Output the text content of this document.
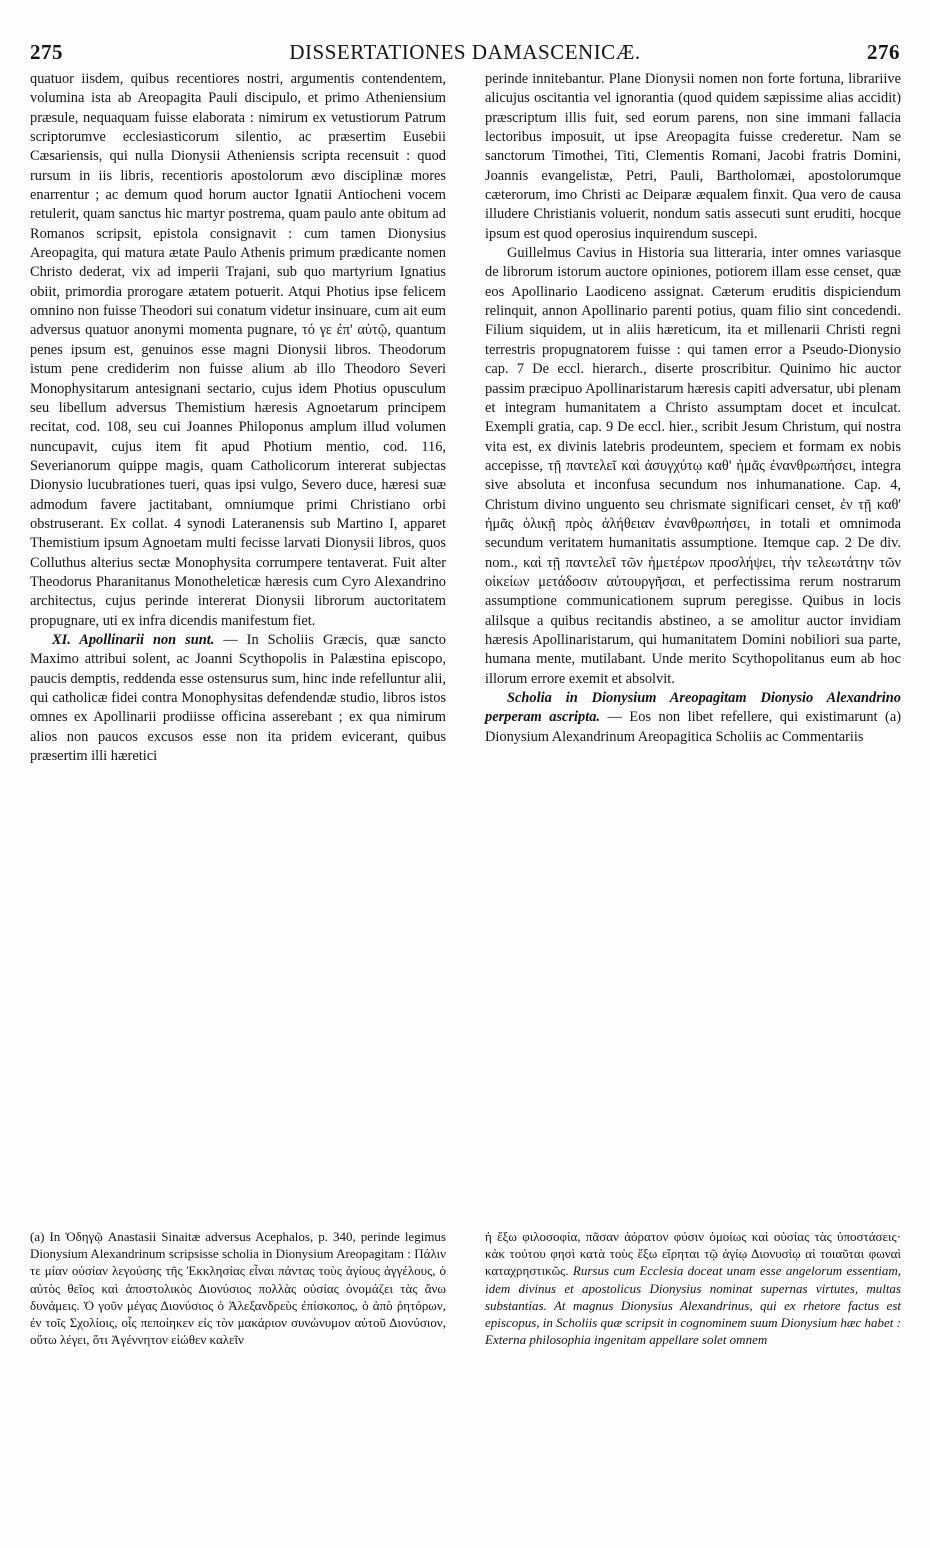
275	DISSERTATIONES DAMASCENICÆ.	276

quatuor iisdem, quibus recentiores nostri, argumentis contendentem, volumina ista ab Areopagita Pauli discipulo, et primo Atheniensium præsule, nequaquam fuisse elaborata : nimirum ex vetustiorum Patrum scriptorumve ecclesiasticorum silentio, ac præsertim Eusebii Cæsariensis, qui nulla Dionysii Atheniensis scripta recensuit : quod rursum in iis libris, recentioris apostolorum ævo disciplinæ mores enarrentur ; ac demum quod horum auctor Ignatii Antiocheni vocem retulerit, quam sanctus hic martyr postrema, quam paulo ante obitum ad Romanos scripsit, epistola consignavit : cum tamen Dionysius Areopagita, qui matura ætate Paulo Athenis primum prædicante nomen Christo dederat, vix ad imperii Trajani, sub quo martyrium Ignatius obiit, primordia prorogare ætatem potuerit. Atqui Photius ipse felicem omnino non fuisse Theodori sui conatum videtur insinuare, cum ait eum adversus quatuor anonymi momenta pugnare, τό γε ἐπ' αὐτῷ, quantum penes ipsum est, genuinos esse magni Dionysii libros. Theodorum istum pene crediderim non fuisse alium ab illo Theodoro Severi Monophysitarum antesignani sectario, cujus idem Photius opusculum seu libellum adversus Themistium hæresis Agnoetarum principem recitat, cod. 108, seu cui Joannes Philoponus amplum illud volumen nuncupavit, cujus item fit apud Photium mentio, cod. 116, Severianorum quippe magis, quam Catholicorum intererat subjectas Dionysio lucubrationes tueri, quas ipsi vulgo, Severo duce, hæresi suæ admodum favere jactitabant, omniumque primi Christiano orbi obstruserant. Ex collat. 4 synodi Lateranensis sub Martino I, apparet Themistium ipsum Agnoetam multi fecisse larvati Dionysii libros, quos Colluthus alterius sectæ Monophysita corrumpere tentaverat. Fuit alter Theodorus Pharanitanus Monotheleticæ hæresis cum Cyro Alexandrino architectus, cujus perinde intererat Dionysii librorum auctoritatem propugnare, uti ex infra dicendis manifestum fiet.

XI. Apollinarii non sunt. — In Scholiis Græcis, quæ sancto Maximo attribui solent, ac Joanni Scythopolis in Palæstina episcopo, paucis demptis, reddenda esse ostensurus sum, hinc inde refelluntur alii, qui catholicæ fidei contra Monophysitas defendendæ studio, libros istos omnes ex Apollinarii prodiisse officina asserebant ; ex qua nimirum alios non paucos excusos esse non ita pridem evicerant, quibus præsertim illi hæretici

perinde innitebantur. Plane Dionysii nomen non forte fortuna, librariive alicujus oscitantia vel ignorantia (quod quidem sæpissime alias accidit) præscriptum illis fuit, sed eorum parens, non sine immani fallacia lectoribus imposuit, ut ipse Areopagita fuisse crederetur. Nam se sanctorum Timothei, Titi, Clementis Romani, Jacobi fratris Domini, Joannis evangelistæ, Petri, Pauli, Bartholomæi, apostolorumque cæterorum, imo Christi ac Deiparæ æqualem finxit. Qua vero de causa illudere Christianis voluerit, nondum satis assecuti sunt eruditi, hocque ipsum est quod operosius inquirendum suscepi.

Guillelmus Cavius in Historia sua litteraria, inter omnes variasque de librorum istorum auctore opiniones, potiorem illam esse censet, quæ eos Apollinario Laodiceno assignat. Cæterum eruditis dispiciendum relinquit, annon Apollinario parenti potius, quam filio sint concedendi. Filium siquidem, ut in aliis hæreticum, ita et millenarii Christi regni terrestris propugnatorem fuisse : qui tamen error a Pseudo-Dionysio cap. 7 De eccl. hierarch., diserte proscribitur. Quinimo hic auctor passim præcipuo Apollinaristarum hæresis capiti adversatur, ubi plenam et integram humanitatem a Christo assumptam docet et inculcat. Exempli gratia, cap. 9 De eccl. hier., scribit Jesum Christum, qui nostra vita est, ex divinis latebris prodeuntem, speciem et formam ex nobis accepisse, τῇ παντελεῖ καὶ ἀσυγχύτῳ καθ' ἡμᾶς ἐνανθρωπήσει, integra sive absoluta et inconfusa secundum nos inhumanatione. Cap. 4, Christum divino unguento seu chrismate significari censet, ἐν τῇ καθ' ἡμᾶς ὁλικῇ πρὸς ἀλήθειαν ἐνανθρωπήσει, in totali et omnimoda secundum veritatem humanitatis assumptione. Itemque cap. 2 De div. nom., καὶ τῇ παντελεῖ τῶν ἡμετέρων προσλήψει, τὴν τελεωτάτην τῶν οἰκείων μετάδοσιν αὐτουργῆσαι, et perfectissima rerum nostrarum assumptione communicationem suprum peregisse. Quibus in locis alilsque a quibus recitandis abstineo, a se amolitur auctor invidiam hæresis Apollinaristarum, qui humanitatem Domini nobiliori sua parte, humana mente, mutilabant. Unde merito Scythopolitanus eum ab hoc illorum errore exemit et absolvit.

Scholia in Dionysium Areopagitam Dionysio Alexandrino perperam ascripta. — Eos non libet refellere, qui existimarunt (a) Dionysium Alexandrinum Areopagitica Scholiis ac Commentariis

(a) In Ὁδηγῷ Anastasii Sinaitæ adversus Acephalos, p. 340, perinde legimus Dionysium Alexandrinum scripsisse scholia in Dionysium Areopagitam : Πάλιν τε μίαν οὐσίαν λεγούσης τῆς Ἐκκλησίας εἶναι πάντας τοὺς ἁγίους ἀγγέλους, ὁ αὐτὸς θεῖος καὶ ἀποστολικὸς Διονύσιος πολλὰς οὐσίας ὀνομάζει τὰς ἄνω δυνάμεις. Ὁ γοῦν μέγας Διονύσιος ὁ Ἀλεξανδρεὺς ἐπίσκοπος, ὁ ἀπὸ ῥητόρων, ἐν τοῖς Σχολίοις, οἷς πεποίηκεν εἰς τὸν μακάριον συνώνυμον αὐτοῦ Διονύσιον, οὕτω λέγει, ὅτι Ἀγέννητον εἰώθεν καλεῖν
ἡ ἔξω φιλοσοφία, πᾶσαν ἀόρατον φύσιν ὁμοίως καὶ οὐσίας τὰς ὑποστάσεις· κἀκ τούτου φησὶ κατὰ τοὺς ἔξω εἴρηται τῷ ἁγίῳ Διονυσίῳ αἱ τοιαῦται φωναὶ καταχρηστικῶς. Rursus cum Ecclesia doceat unam esse angelorum essentiam, idem divinus et apostolicus Dionysius nominat supernas virtutes, multas substantias. At magnus Dionysius Alexandrinus, qui ex rhetore factus est episcopus, in Scholiis quæ scripsit in cognominem suum Dionysium hæc habet : Externa philosophia ingenitam appellare solet omnem
